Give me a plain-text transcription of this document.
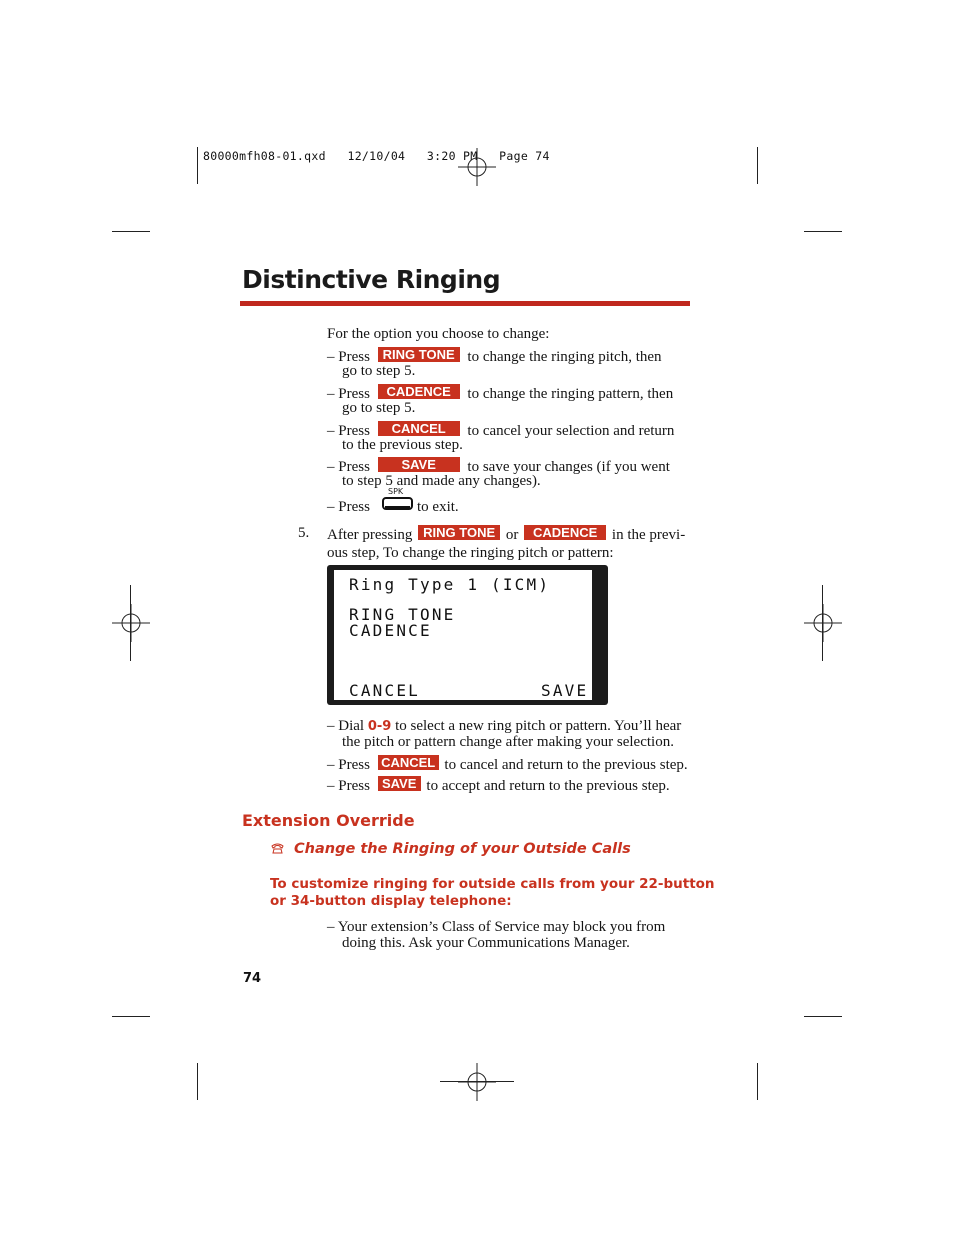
80000mfh08-01.qxd   12/10/04   3:20 PM   Page 74
Distinctive Ringing
For the option you choose to change:
– Press RING TONE to change the ringing pitch, then
go to step 5.
– Press CADENCE to change the ringing pattern, then
go to step 5.
– Press CANCEL to cancel your selection and return
to the previous step.
– Press SAVE to save your changes (if you went
to step 5 and made any changes).
– Press
SPK
to exit.
5. After pressing RING TONE or CADENCE in the previ-
ous step, To change the ringing pitch or pattern:
Ring Type 1 (ICM)
RING TONE
CADENCE
CANCEL	SAVE
– Dial 0-9 to select a new ring pitch or pattern. You’ll hear
the pitch or pattern change after making your selection.
– Press CANCEL to cancel and return to the previous step.
– Press SAVE to accept and return to the previous step.
Extension Override
Change the Ringing of your Outside Calls
To customize ringing for outside calls from your 22-button
or 34-button display telephone:
– Your extension’s Class of Service may block you from
doing this. Ask your Communications Manager.
74
